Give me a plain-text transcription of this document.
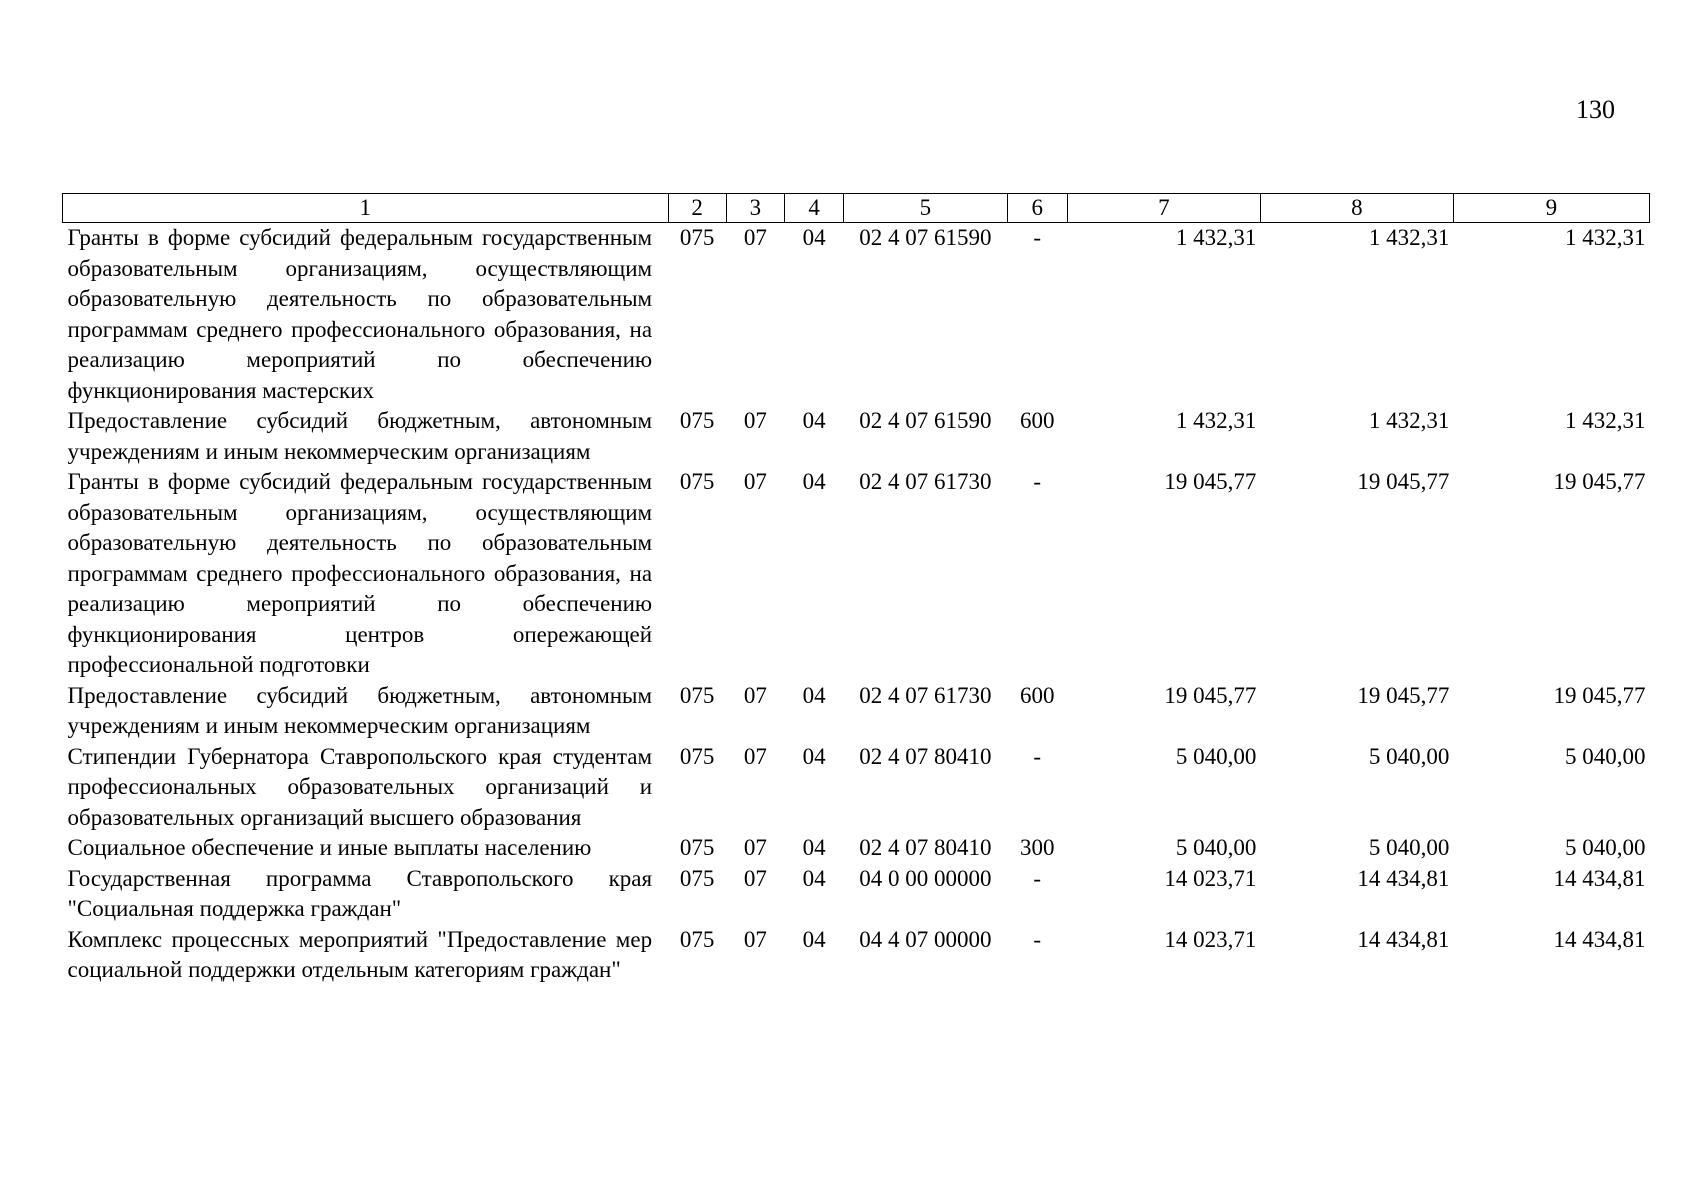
130
1	2	3	4	5	6	7	8	9
Гранты в форме субсидий федеральным государственным образовательным организациям, осуществляющим образовательную деятельность по образовательным программам среднего профессионального образования, на реализацию мероприятий по обеспечению функционирования мастерских	075	07	04	02 4 07 61590	-	1 432,31	1 432,31	1 432,31
Предоставление субсидий бюджетным, автономным учреждениям и иным некоммерческим организациям	075	07	04	02 4 07 61590	600	1 432,31	1 432,31	1 432,31
Гранты в форме субсидий федеральным государственным образовательным организациям, осуществляющим образовательную деятельность по образовательным программам среднего профессионального образования, на реализацию мероприятий по обеспечению функционирования центров опережающей профессиональной подготовки	075	07	04	02 4 07 61730	-	19 045,77	19 045,77	19 045,77
Предоставление субсидий бюджетным, автономным учреждениям и иным некоммерческим организациям	075	07	04	02 4 07 61730	600	19 045,77	19 045,77	19 045,77
Стипендии Губернатора Ставропольского края студентам профессиональных образовательных организаций и образовательных организаций высшего образования	075	07	04	02 4 07 80410	-	5 040,00	5 040,00	5 040,00
Социальное обеспечение и иные выплаты населению	075	07	04	02 4 07 80410	300	5 040,00	5 040,00	5 040,00
Государственная программа Ставропольского края "Социальная поддержка граждан"	075	07	04	04 0 00 00000	-	14 023,71	14 434,81	14 434,81
Комплекс процессных мероприятий "Предоставление мер социальной поддержки отдельным категориям граждан"	075	07	04	04 4 07 00000	-	14 023,71	14 434,81	14 434,81
